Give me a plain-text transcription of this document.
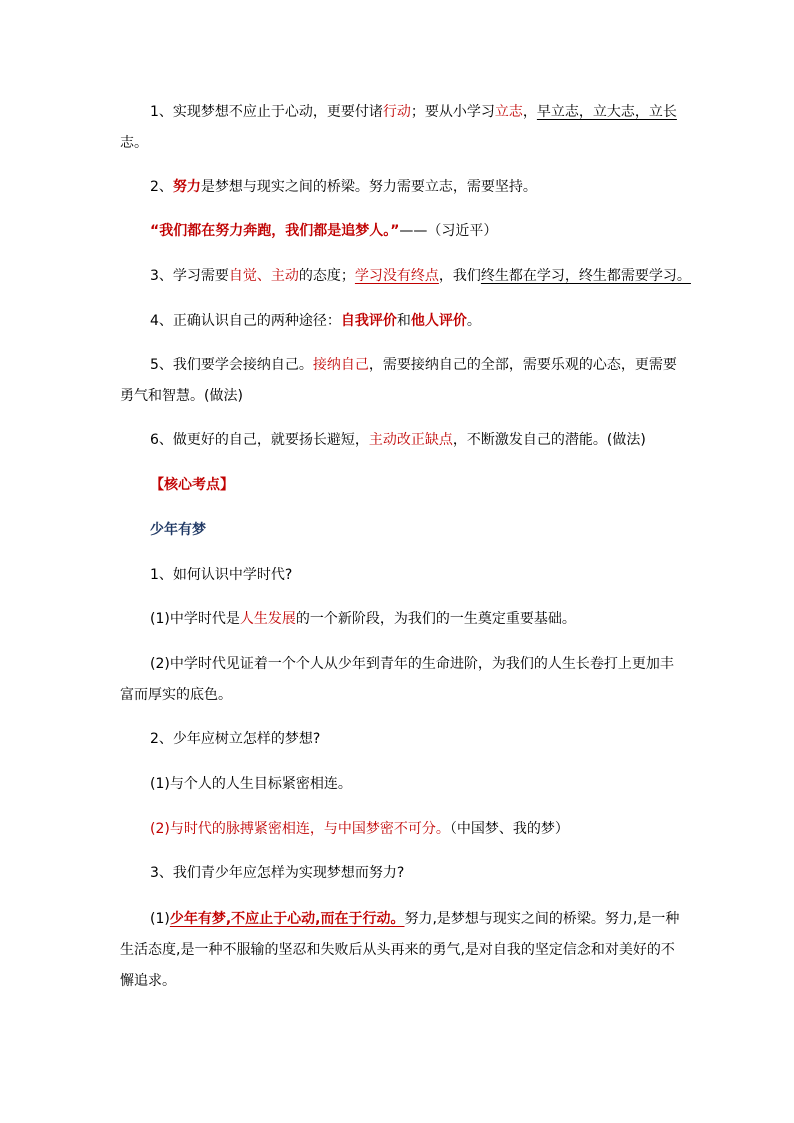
1、实现梦想不应止于心动，更要付诸行动；要从小学习立志，早立志，立大志，立长
志。
2、努力是梦想与现实之间的桥梁。努力需要立志，需要坚持。
“我们都在努力奔跑，我们都是追梦人。”——（习近平）
3、学习需要自觉、主动的态度；学习没有终点，我们终生都在学习，终生都需要学习。
4、正确认识自己的两种途径：自我评价和他人评价。
5、我们要学会接纳自己。接纳自己，需要接纳自己的全部，需要乐观的心态，更需要
勇气和智慧。(做法)
6、做更好的自己，就要扬长避短，主动改正缺点，不断激发自己的潜能。(做法)
【核心考点】
少年有梦
1、如何认识中学时代?
(1)中学时代是人生发展的一个新阶段，为我们的一生奠定重要基础。
(2)中学时代见证着一个个人从少年到青年的生命进阶，为我们的人生长卷打上更加丰
富而厚实的底色。
2、少年应树立怎样的梦想?
(1)与个人的人生目标紧密相连。
(2)与时代的脉搏紧密相连，与中国梦密不可分。（中国梦、我的梦）
3、我们青少年应怎样为实现梦想而努力?
(1)少年有梦,不应止于心动,而在于行动。努力,是梦想与现实之间的桥梁。努力,是一种
生活态度,是一种不服输的坚忍和失败后从头再来的勇气,是对自我的坚定信念和对美好的不
懈追求。
